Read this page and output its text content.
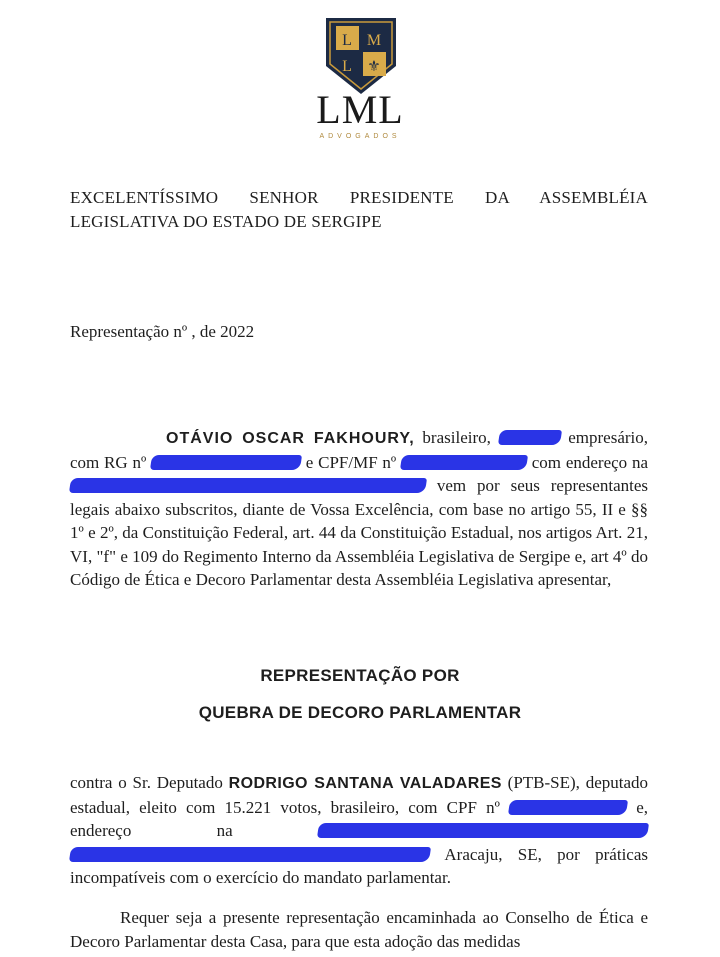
L M
L ⚜
LML
ADVOGADOS
EXCELENTÍSSIMO SENHOR PRESIDENTE DA ASSEMBLÉIA LEGISLATIVA DO ESTADO DE SERGIPE
Representação nº , de 2022
OTÁVIO OSCAR FAKHOURY, brasileiro,	empresário, com RG nº	e CPF/MF nº	com endereço na  vem por seus representantes legais abaixo subscritos, diante de Vossa Excelência, com base no artigo 55, II e §§ 1º e 2º, da Constituição Federal, art. 44 da Constituição Estadual, nos artigos Art. 21, VI, "f" e 109 do Regimento Interno da Assembléia Legislativa de Sergipe e, art 4º do Código de Ética e Decoro Parlamentar desta Assembléia Legislativa apresentar,
REPRESENTAÇÃO POR
QUEBRA DE DECORO PARLAMENTAR
contra o Sr. Deputado RODRIGO SANTANA VALADARES (PTB-SE), deputado estadual, eleito com 15.221 votos, brasileiro, com CPF nº	e, endereço na   Aracaju, SE, por práticas incompatíveis com o exercício do mandato parlamentar.
Requer seja a presente representação encaminhada ao Conselho de Ética e Decoro Parlamentar desta Casa, para que esta adoção das medidas
